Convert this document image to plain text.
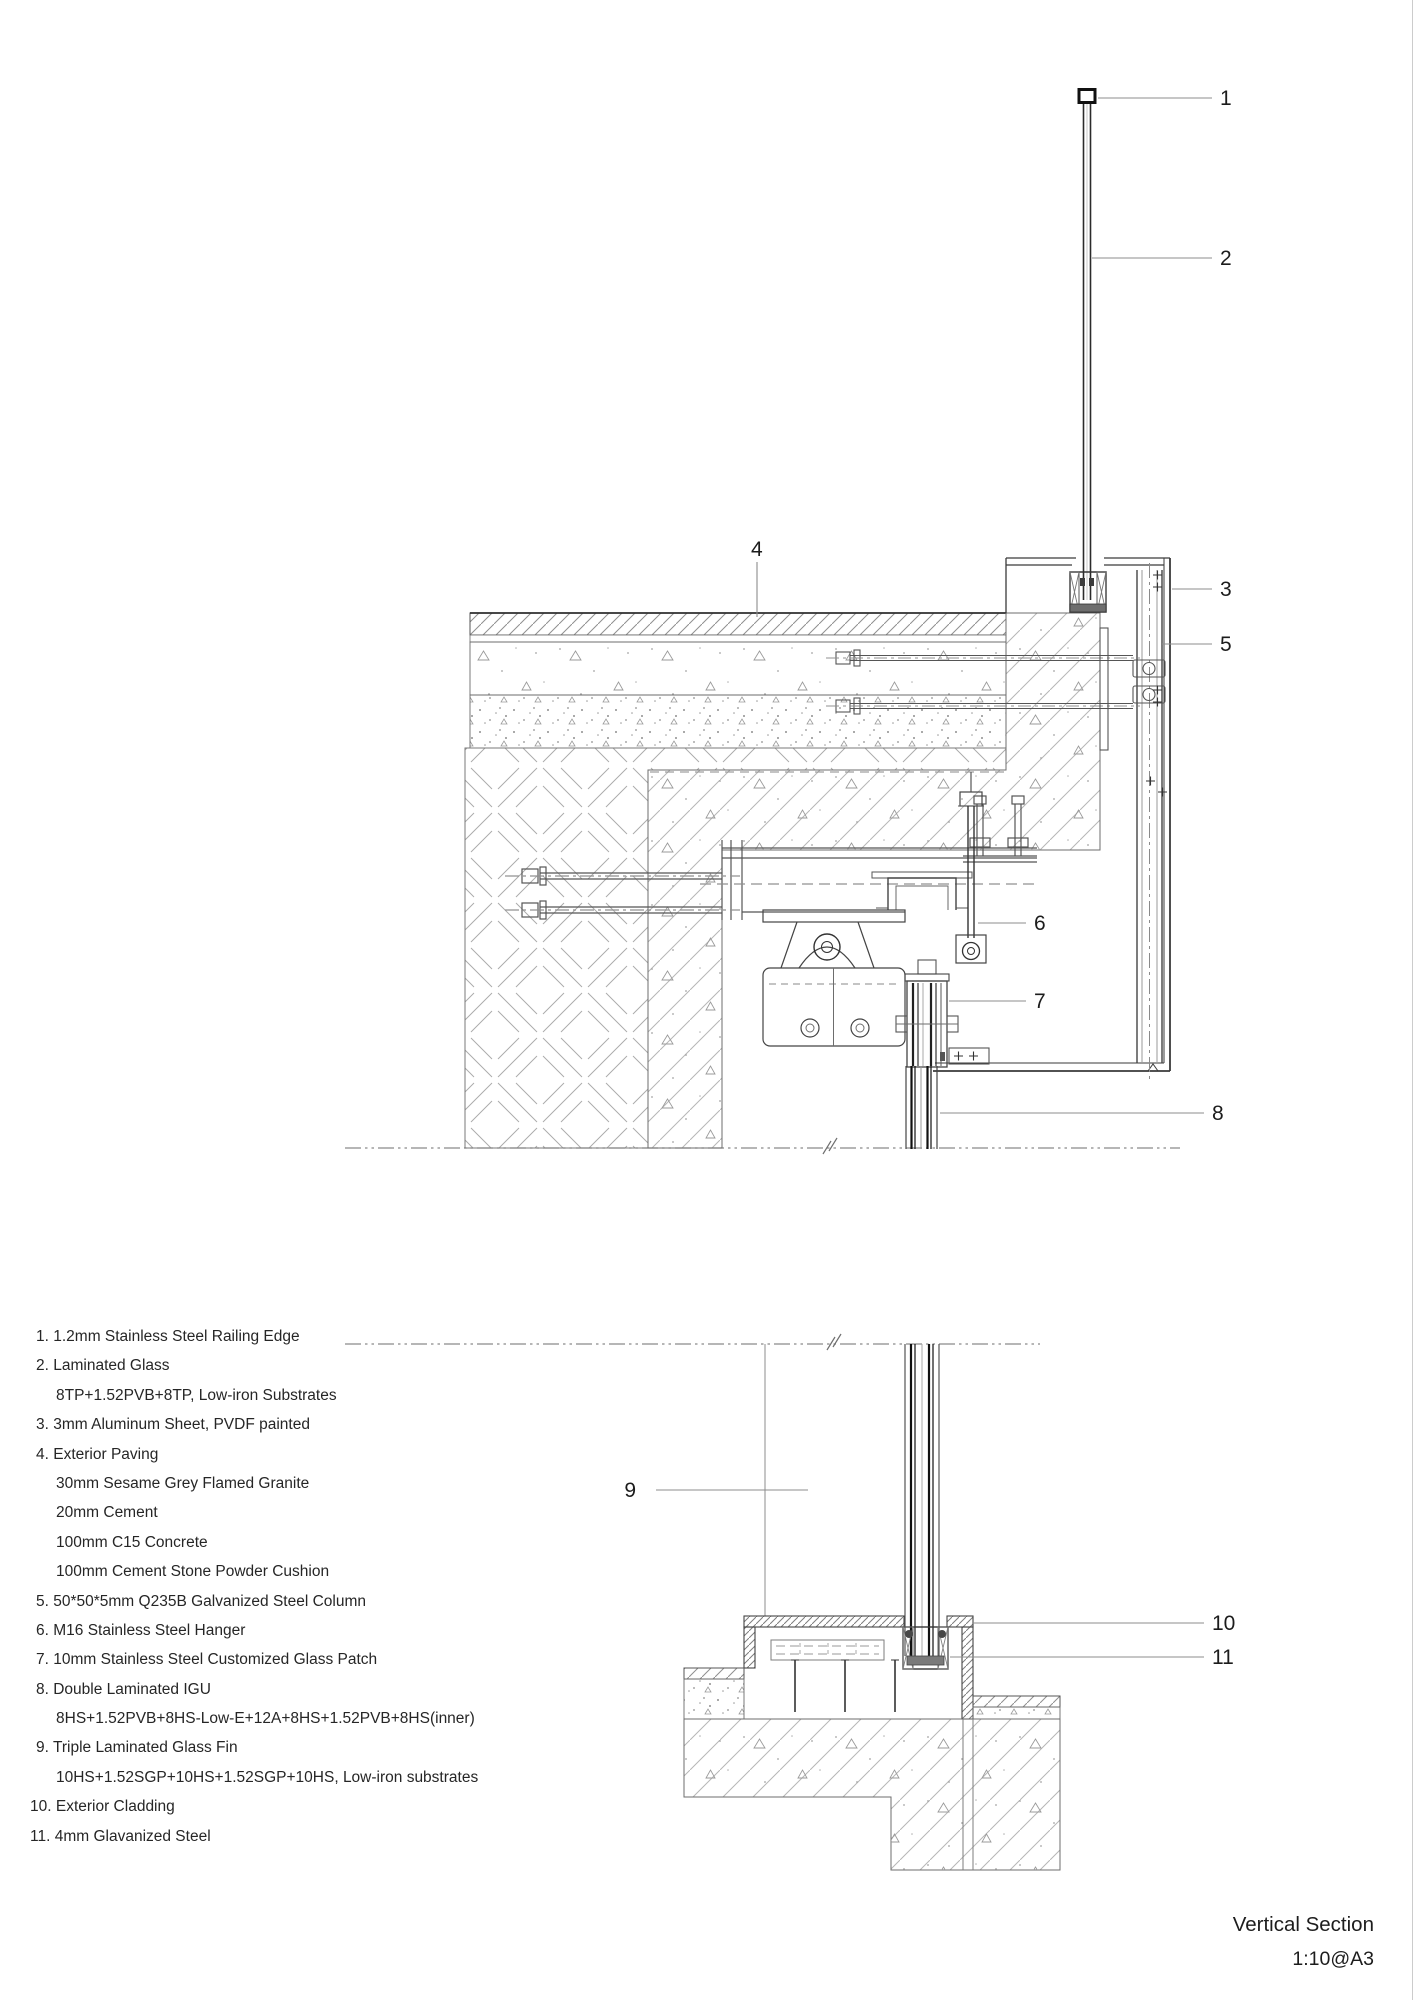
1
2
3
4
5
6
7
8
9
10
11
1. 1.2mm Stainless Steel Railing Edge
2. Laminated Glass
8TP+1.52PVB+8TP, Low-iron Substrates
3. 3mm Aluminum Sheet, PVDF painted
4. Exterior Paving
30mm Sesame Grey Flamed Granite
20mm Cement
100mm C15 Concrete
100mm Cement Stone Powder Cushion
5. 50*50*5mm Q235B Galvanized Steel Column
6. M16 Stainless Steel Hanger
7. 10mm Stainless Steel Customized Glass Patch
8. Double Laminated IGU
8HS+1.52PVB+8HS-Low-E+12A+8HS+1.52PVB+8HS(inner)
9. Triple Laminated Glass Fin
10HS+1.52SGP+10HS+1.52SGP+10HS, Low-iron substrates
10. Exterior Cladding
11. 4mm Glavanized Steel
Vertical Section
1:10@A3
